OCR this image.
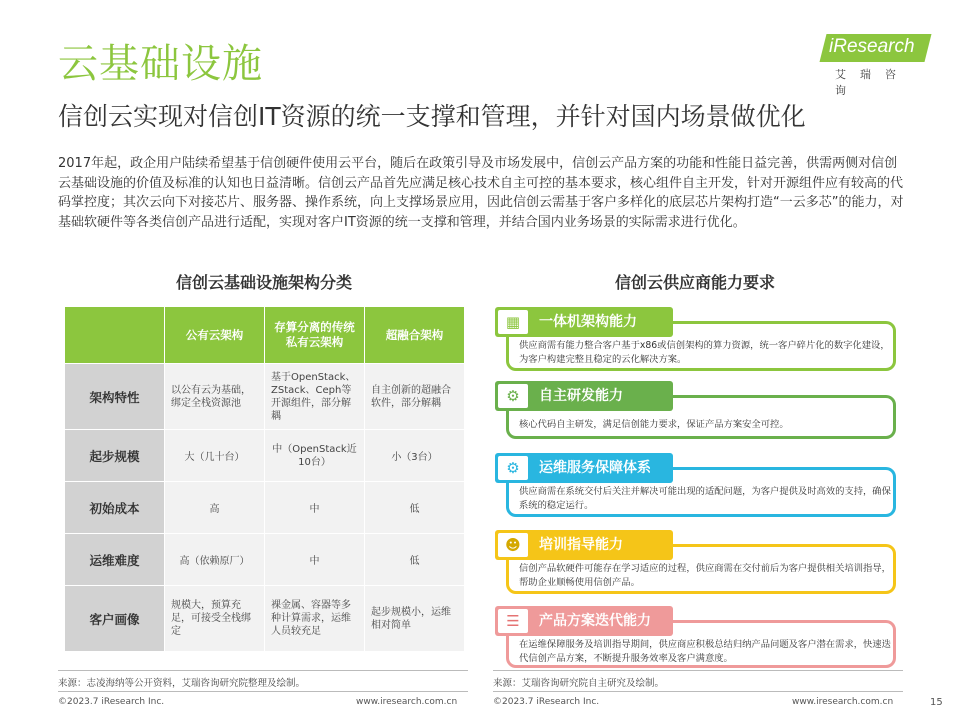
云基础设施
信创云实现对信创IT资源的统一支撑和管理，并针对国内场景做优化
iResearch
艾瑞咨询
2017年起，政企用户陆续希望基于信创硬件使用云平台，随后在政策引导及市场发展中，信创云产品方案的功能和性能日益完善，供需两侧对信创云基础设施的价值及标准的认知也日益清晰。信创云产品首先应满足核心技术自主可控的基本要求，核心组件自主开发，针对开源组件应有较高的代码掌控度；其次云向下对接芯片、服务器、操作系统，向上支撑场景应用，因此信创云需基于客户多样化的底层芯片架构打造“一云多芯”的能力，对基础软硬件等各类信创产品进行适配，实现对客户IT资源的统一支撑和管理，并结合国内业务场景的实际需求进行优化。
信创云基础设施架构分类
	公有云架构	存算分离的传统私有云架构	超融合架构
架构特性	以公有云为基础，绑定全栈资源池	基于OpenStack、ZStack、Ceph等开源组件，部分解耦	自主创新的超融合软件，部分解耦
起步规模	大（几十台）	中（OpenStack近10台）	小（3台）
初始成本	高	中	低
运维难度	高（依赖原厂）	中	低
客户画像	规模大，预算充足，可接受全栈绑定	裸金属、容器等多种计算需求，运维人员较充足	起步规模小，运维相对简单
来源：志凌海纳等公开资料，艾瑞咨询研究院整理及绘制。
©2023.7 iResearch Inc.	www.iresearch.com.cn
信创云供应商能力要求
供应商需有能力整合客户基于x86或信创架构的算力资源，统一客户碎片化的数字化建设，为客户构建完整且稳定的云化解决方案。
▦	一体机架构能力
核心代码自主研发，满足信创能力要求，保证产品方案安全可控。
⚙	自主研发能力
供应商需在系统交付后关注并解决可能出现的适配问题，为客户提供及时高效的支持，确保系统的稳定运行。
⚙	运维服务保障体系
信创产品软硬件可能存在学习适应的过程，供应商需在交付前后为客户提供相关培训指导，帮助企业顺畅使用信创产品。
☻	培训指导能力
在运维保障服务及培训指导期间，供应商应积极总结归纳产品问题及客户潜在需求，快速迭代信创产品方案，不断提升服务效率及客户满意度。
☰	产品方案迭代能力
来源：艾瑞咨询研究院自主研究及绘制。
©2023.7 iResearch Inc.	www.iresearch.com.cn	15
